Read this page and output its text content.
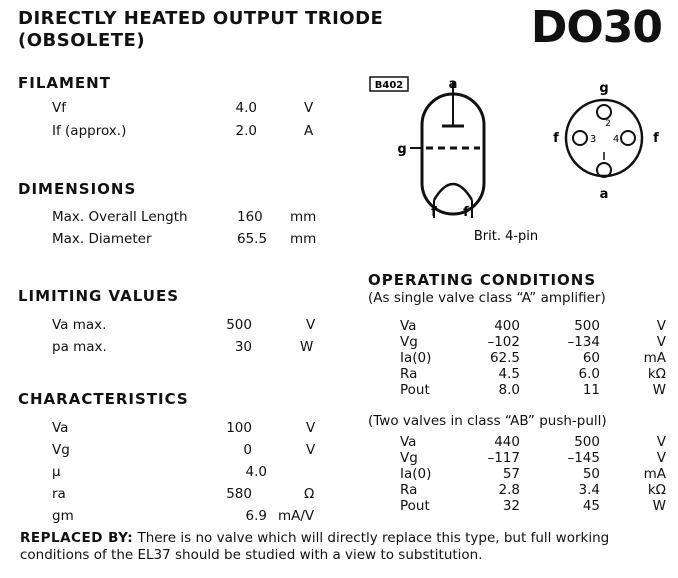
DIRECTLY HEATED OUTPUT TRIODE
(OBSOLETE)	DO30
FILAMENT
Vf	4.0	V
If (approx.)	2.0	A
DIMENSIONS
Max. Overall Length	160 mm
Max. Diameter	65.5 mm
LIMITING VALUES
Va max.	500	V
pa max.	30	W
CHARACTERISTICS
Va	100	V
Vg	0	V
μ	4.0
ra	580	Ω
gm	6.9 mA/V
B402	a
g
f f
Brit. 4-pin
g
a
f	f
2
3 4
OPERATING CONDITIONS
(As single valve class “A” amplifier)
Va	400	500	V
Vg	–102	–134	V
Ia(0)	62.5	60	mA
Ra	4.5	6.0	kΩ
Pout	8.0	11	W
(Two valves in class “AB” push-pull)
Va	440	500	V
Vg	–117	–145	V
Ia(0)	57	50	mA
Ra	2.8	3.4	kΩ
Pout	32	45	W
REPLACED BY: There is no valve which will directly replace this type, but full working conditions of the EL37 should be studied with a view to substitution.
